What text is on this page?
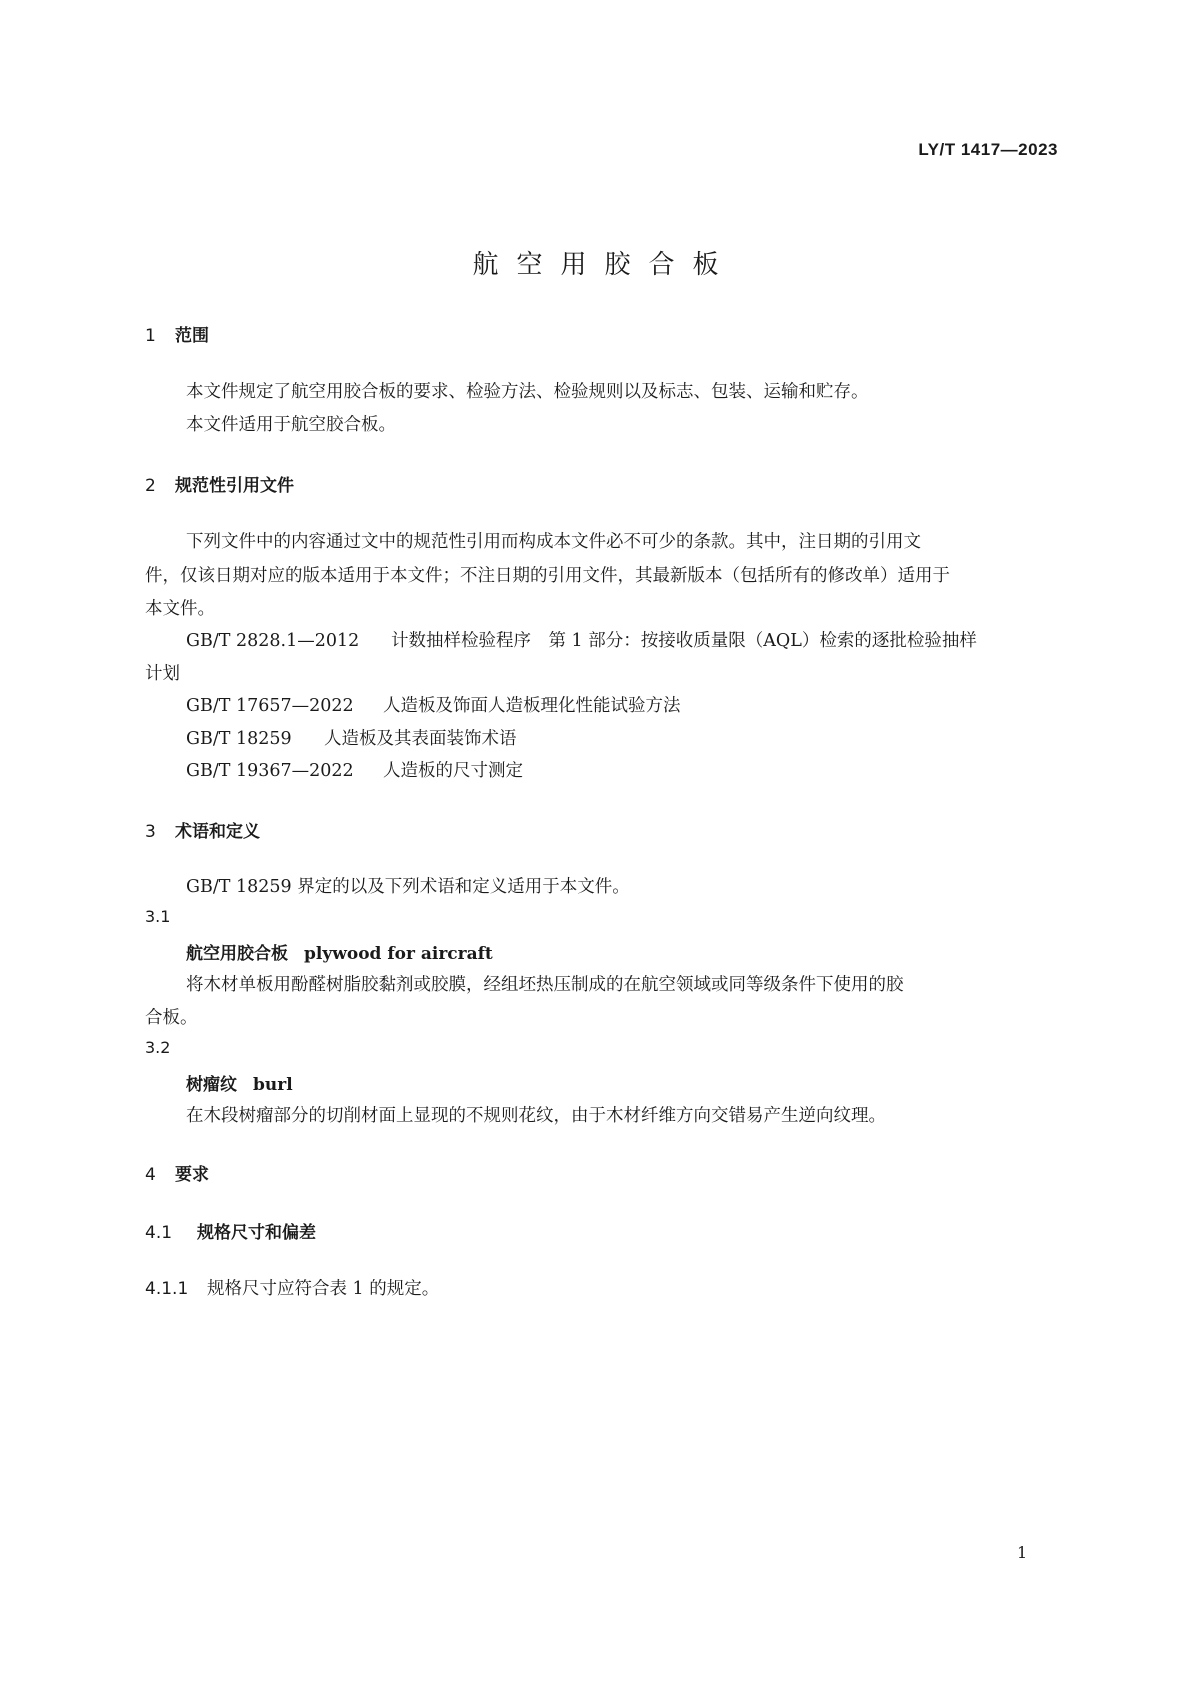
LY/T 1417—2023
航空用胶合板
1 范围
本文件规定了航空用胶合板的要求、检验方法、检验规则以及标志、包装、运输和贮存。
本文件适用于航空胶合板。
2 规范性引用文件
下列文件中的内容通过文中的规范性引用而构成本文件必不可少的条款。其中，注日期的引用文
件，仅该日期对应的版本适用于本文件；不注日期的引用文件，其最新版本（包括所有的修改单）适用于
本文件。
GB/T 2828.1—2012 计数抽样检验程序　第 1 部分：按接收质量限（AQL）检索的逐批检验抽样
计划
GB/T 17657—2022 人造板及饰面人造板理化性能试验方法
GB/T 18259 人造板及其表面装饰术语
GB/T 19367—2022 人造板的尺寸测定
3 术语和定义
GB/T 18259 界定的以及下列术语和定义适用于本文件。
3.1
航空用胶合板 plywood for aircraft
将木材单板用酚醛树脂胶黏剂或胶膜，经组坯热压制成的在航空领域或同等级条件下使用的胶
合板。
3.2
树瘤纹 burl
在木段树瘤部分的切削材面上显现的不规则花纹，由于木材纤维方向交错易产生逆向纹理。
4 要求
4.1 规格尺寸和偏差
4.1.1 规格尺寸应符合表 1 的规定。
1
